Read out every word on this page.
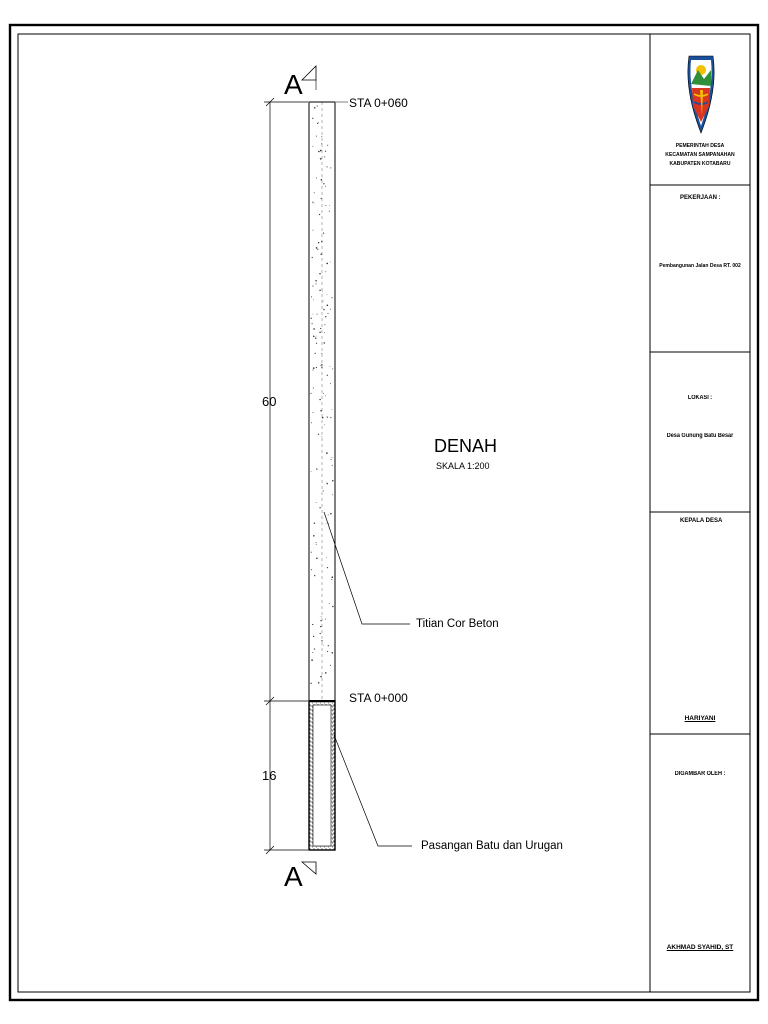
A
A
STA 0+060
STA 0+000
60
16
DENAH
SKALA 1:200
Titian Cor Beton
Pasangan Batu dan Urugan
PEMERINTAH DESA
KECAMATAN SAMPANAHAN
KABUPATEN KOTABARU
PEKERJAAN :
Pembangunan Jalan Desa RT. 002
LOKASI :
Desa Gunung Batu Besar
KEPALA DESA
HARIYANI
DIGAMBAR OLEH :
AKHMAD SYAHID, ST
